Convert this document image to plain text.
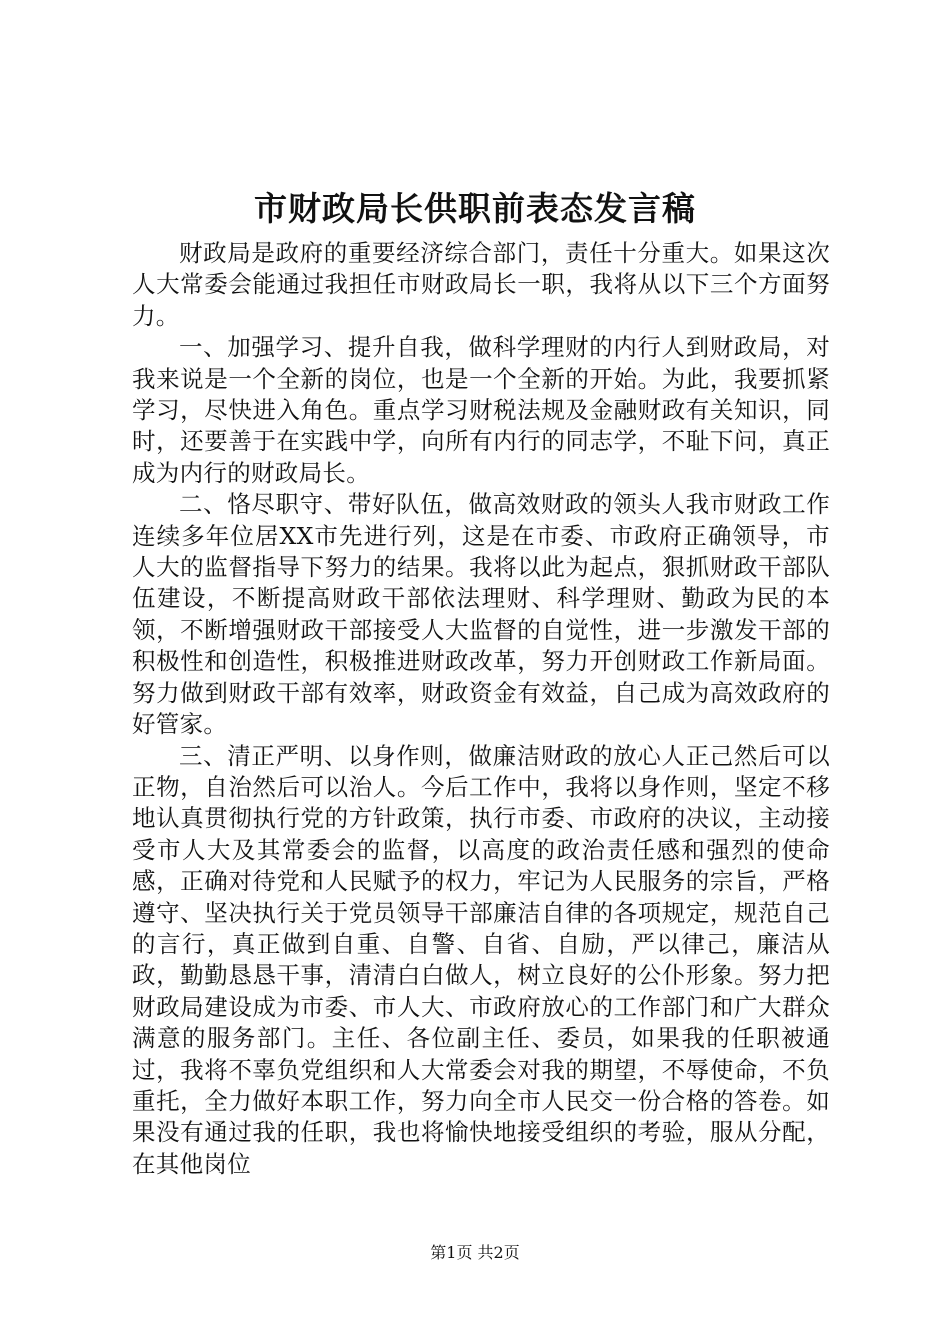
市财政局长供职前表态发言稿

财政局是政府的重要经济综合部门，责任十分重大。如果这次人大常委会能通过我担任市财政局长一职，我将从以下三个方面努力。

一、加强学习、提升自我，做科学理财的内行人到财政局，对我来说是一个全新的岗位，也是一个全新的开始。为此，我要抓紧学习，尽快进入角色。重点学习财税法规及金融财政有关知识，同时，还要善于在实践中学，向所有内行的同志学，不耻下问，真正成为内行的财政局长。

二、恪尽职守、带好队伍，做高效财政的领头人我市财政工作连续多年位居XX市先进行列，这是在市委、市政府正确领导，市人大的监督指导下努力的结果。我将以此为起点，狠抓财政干部队伍建设，不断提高财政干部依法理财、科学理财、勤政为民的本领，不断增强财政干部接受人大监督的自觉性，进一步激发干部的积极性和创造性，积极推进财政改革，努力开创财政工作新局面。努力做到财政干部有效率，财政资金有效益，自己成为高效政府的好管家。

三、清正严明、以身作则，做廉洁财政的放心人正己然后可以正物，自治然后可以治人。今后工作中，我将以身作则，坚定不移地认真贯彻执行党的方针政策，执行市委、市政府的决议，主动接受市人大及其常委会的监督，以高度的政治责任感和强烈的使命感，正确对待党和人民赋予的权力，牢记为人民服务的宗旨，严格遵守、坚决执行关于党员领导干部廉洁自律的各项规定，规范自己的言行，真正做到自重、自警、自省、自励，严以律己，廉洁从政，勤勤恳恳干事，清清白白做人，树立良好的公仆形象。努力把财政局建设成为市委、市人大、市政府放心的工作部门和广大群众满意的服务部门。主任、各位副主任、委员，如果我的任职被通过，我将不辜负党组织和人大常委会对我的期望，不辱使命，不负重托，全力做好本职工作，努力向全市人民交一份合格的答卷。如果没有通过我的任职，我也将愉快地接受组织的考验，服从分配，在其他岗位

第1页 共2页
